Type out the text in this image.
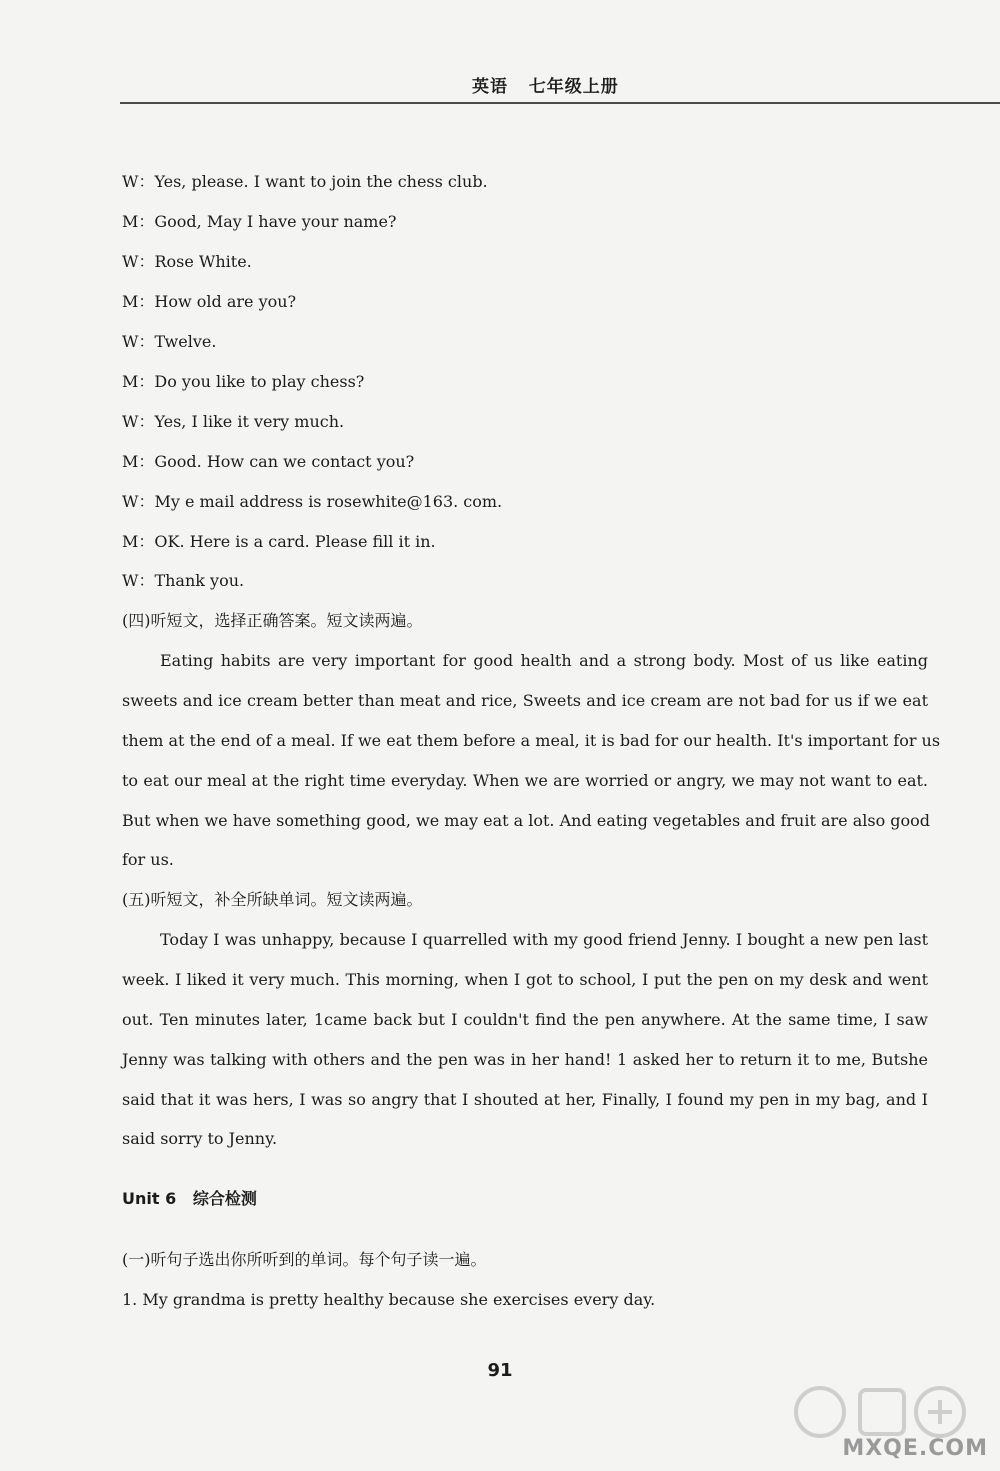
英语   七年级上册
W：Yes, please. I want to join the chess club.
M：Good, May I have your name?
W：Rose White.
M：How old are you?
W：Twelve.
M：Do you like to play chess?
W：Yes, I like it very much.
M：Good. How can we contact you?
W：My e mail address is rosewhite@163. com.
M：OK. Here is a card. Please fill it in.
W：Thank you.
(四)听短文，选择正确答案。短文读两遍。
Eating habits are very important for good health and a strong body. Most of us like eating
sweets and ice cream better than meat and rice, Sweets and ice cream are not bad for us if we eat
them at the end of a meal. If we eat them before a meal, it is bad for our health. It's important for us
to eat our meal at the right time everyday. When we are worried or angry, we may not want to eat.
But when we have something good, we may eat a lot. And eating vegetables and fruit are also good
for us.
(五)听短文，补全所缺单词。短文读两遍。
Today I was unhappy, because I quarrelled with my good friend Jenny. I bought a new pen last
week. I liked it very much. This morning, when I got to school, I put the pen on my desk and went
out. Ten minutes later, 1came back but I couldn't find the pen anywhere. At the same time, I saw
Jenny was talking with others and the pen was in her hand! 1 asked her to return it to me, Butshe
said that it was hers, I was so angry that I shouted at her, Finally, I found my pen in my bag, and I
said sorry to Jenny.
Unit 6   综合检测
(一)听句子选出你所听到的单词。每个句子读一遍。
1. My grandma is pretty healthy because she exercises every day.
91
MXQE.COM
